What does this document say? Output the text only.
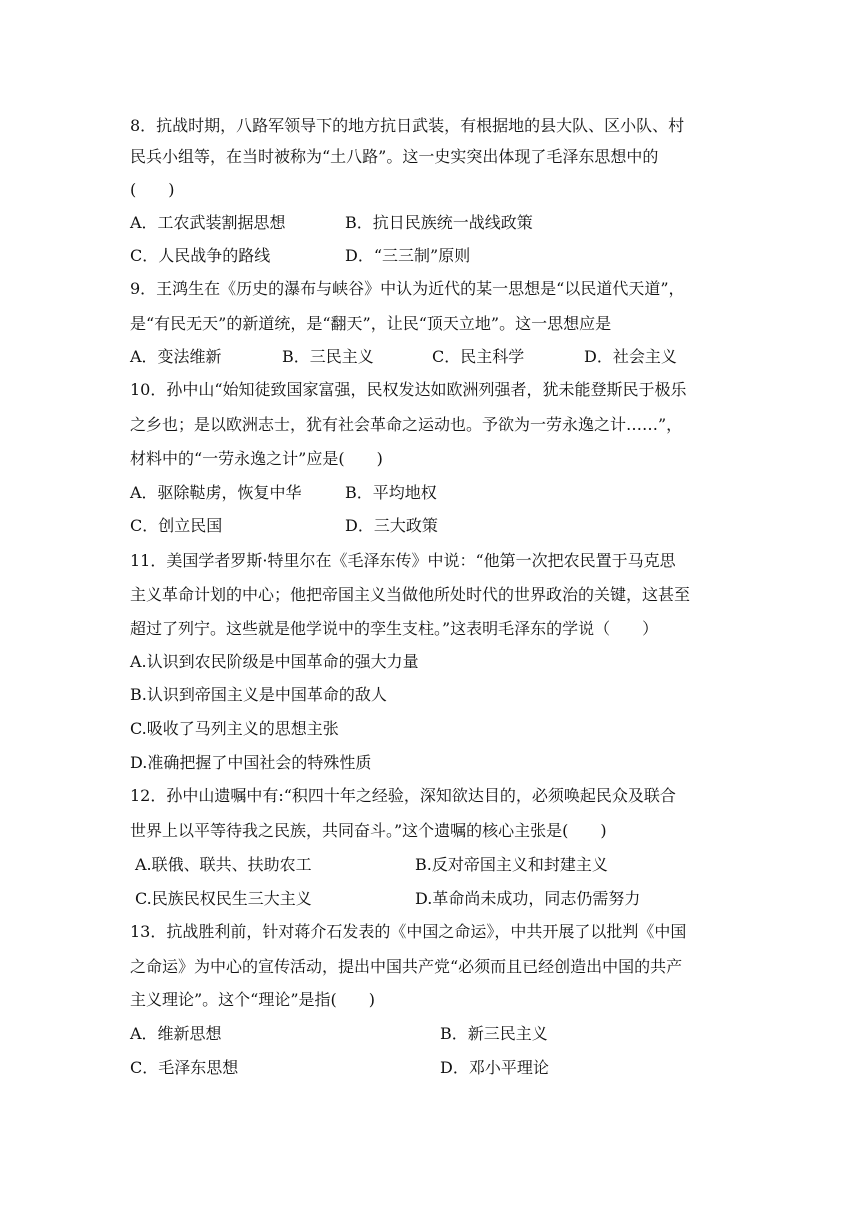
8．抗战时期，八路军领导下的地方抗日武装，有根据地的县大队、区小队、村
民兵小组等，在当时被称为“土八路”。这一史实突出体现了毛泽东思想中的
(　　)
A．工农武装割据思想	B．抗日民族统一战线政策
C．人民战争的路线	D．“三三制”原则
9．王鸿生在《历史的瀑布与峡谷》中认为近代的某一思想是“以民道代天道”，
是“有民无天”的新道统，是“翻天”，让民“顶天立地”。这一思想应是
A．变法维新	B．三民主义	C．民主科学	D．社会主义
10．孙中山“始知徒致国家富强，民权发达如欧洲列强者，犹未能登斯民于极乐
之乡也；是以欧洲志士，犹有社会革命之运动也。予欲为一劳永逸之计……”，
材料中的“一劳永逸之计”应是(　　)
A．驱除鞑虏，恢复中华	B．平均地权
C．创立民国	D．三大政策
11．美国学者罗斯·特里尔在《毛泽东传》中说：“他第一次把农民置于马克思
主义革命计划的中心；他把帝国主义当做他所处时代的世界政治的关键，这甚至
超过了列宁。这些就是他学说中的孪生支柱。”这表明毛泽东的学说（　　）
A.认识到农民阶级是中国革命的强大力量
B.认识到帝国主义是中国革命的敌人
C.吸收了马列主义的思想主张
D.准确把握了中国社会的特殊性质
12．孙中山遗嘱中有:“积四十年之经验，深知欲达目的，必须唤起民众及联合
世界上以平等待我之民族，共同奋斗。”这个遗嘱的核心主张是(　　)
A.联俄、联共、扶助农工	B.反对帝国主义和封建主义
C.民族民权民生三大主义	D.革命尚未成功，同志仍需努力
13．抗战胜利前，针对蒋介石发表的《中国之命运》，中共开展了以批判《中国
之命运》为中心的宣传活动，提出中国共产党“必须而且已经创造出中国的共产
主义理论”。这个“理论”是指(　　)
A．维新思想	B．新三民主义
C．毛泽东思想	D．邓小平理论
